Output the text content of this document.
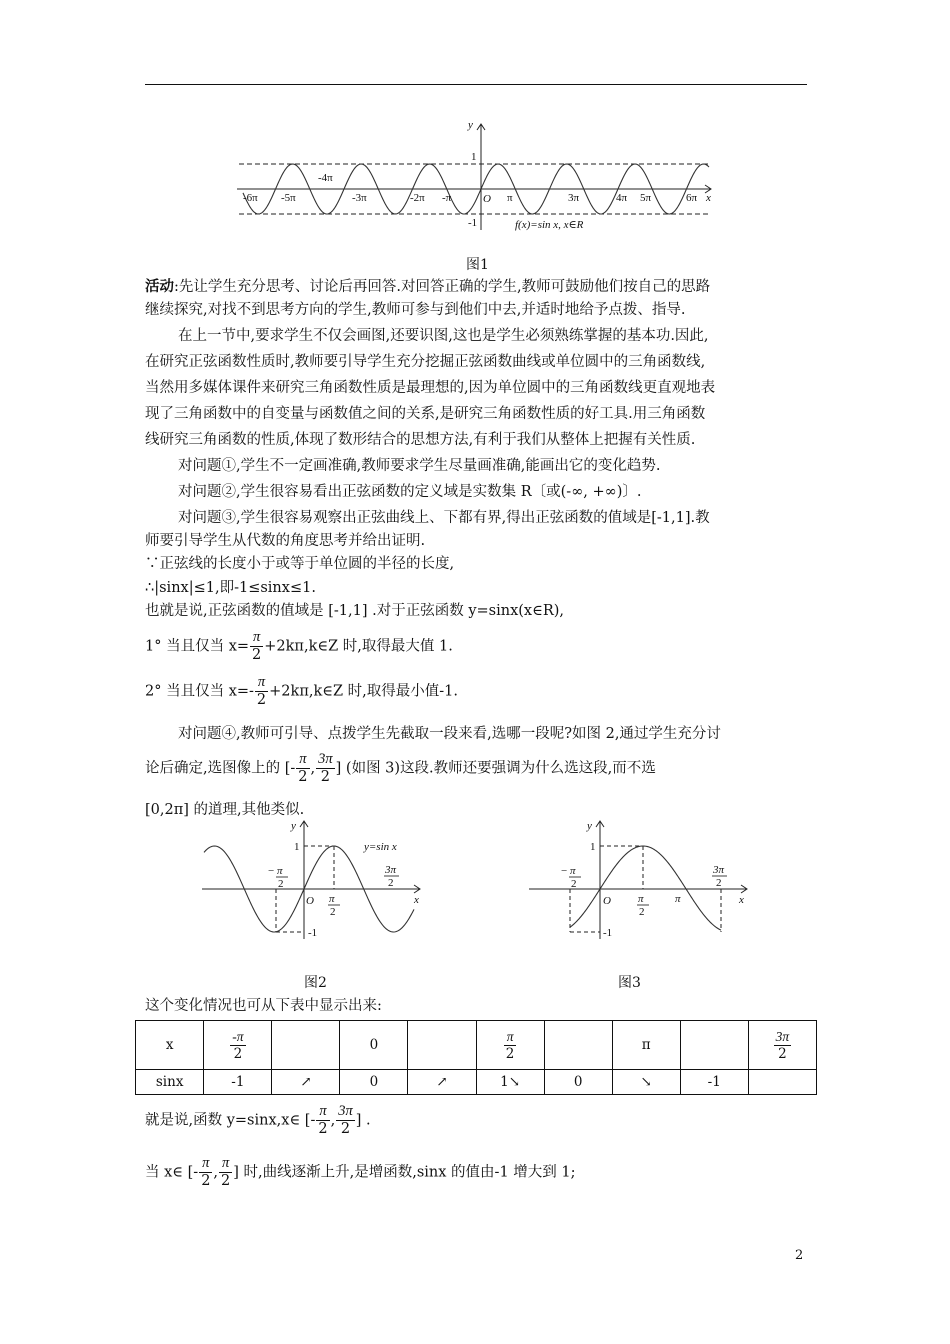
y
x
O
1
-1
-6π -5π
-4π
-3π	-2π -π	π	3π	4π 5π	6π
f(x)=sin x, x∈R
图1
活动:先让学生充分思考、讨论后再回答.对回答正确的学生,教师可鼓励他们按自己的思路
继续探究,对找不到思考方向的学生,教师可参与到他们中去,并适时地给予点拨、指导.
在上一节中,要求学生不仅会画图,还要识图,这也是学生必须熟练掌握的基本功.因此,
在研究正弦函数性质时,教师要引导学生充分挖掘正弦函数曲线或单位圆中的三角函数线,
当然用多媒体课件来研究三角函数性质是最理想的,因为单位圆中的三角函数线更直观地表
现了三角函数中的自变量与函数值之间的关系,是研究三角函数性质的好工具.用三角函数
线研究三角函数的性质,体现了数形结合的思想方法,有利于我们从整体上把握有关性质.
对问题①,学生不一定画准确,教师要求学生尽量画准确,能画出它的变化趋势.
对问题②,学生很容易看出正弦函数的定义域是实数集 R〔或(-∞, +∞)〕.
对问题③,学生很容易观察出正弦曲线上、下都有界,得出正弦函数的值域是[-1,1].教
师要引导学生从代数的角度思考并给出证明.
∵正弦线的长度小于或等于单位圆的半径的长度,
∴|sinx|≤1,即-1≤sinx≤1.
也就是说,正弦函数的值域是 [-1,1] .对于正弦函数 y=sinx(x∈R),
1° 当且仅当 $x= \frac{\pi}{2}$ +2kπ,k∈Z 时,取得最大值 1.
2° 当且仅当 $x=- \frac{\pi}{2}$ +2kπ,k∈Z 时,取得最小值-1.
对问题④,教师可引导、点拨学生先截取一段来看,选哪一段呢?如图 2,通过学生充分讨
论后确定,选图像上的 [- $\frac{\pi}{2}$ , $\frac{3\pi}{2}$ ] (如图 3)这段.教师还要强调为什么选这段,而不选
[0,2π] 的道理,其他类似.
y
x
O
1
-1
y=sin x
− π
2
π
2
3π
2
图2
y
x
O
1
-1
− π
2
π
2
π
3π
2
图3
这个变化情况也可从下表中显示出来:
x	$\frac{-\pi}{2}$		0		$\frac{\pi}{2}$		π		$\frac{3\pi}{2}$

sinx	-1	↗	0	↗	1↘	0	↘	-1	
就是说,函数 y=sinx,x∈ [- $\frac{\pi}{2}$ , $\frac{3\pi}{2}$ ] .
当 x∈ [- $\frac{\pi}{2}$ , $\frac{\pi}{2}$ ] 时,曲线逐渐上升,是增函数,sinx 的值由-1 增大到 1;
2
